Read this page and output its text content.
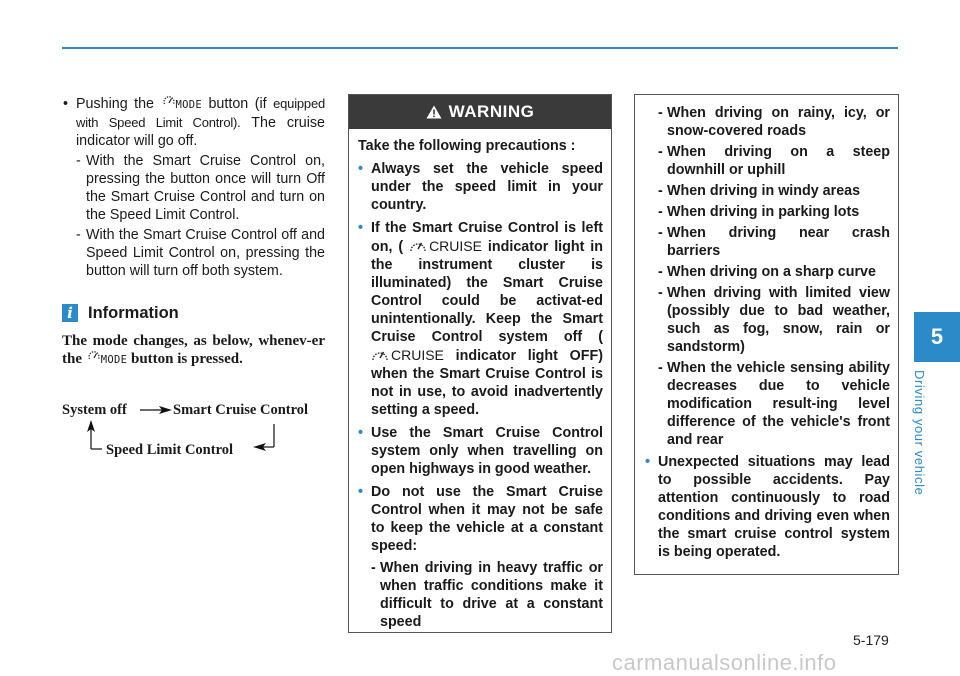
• Pushing the MODE button (if equipped with Speed Limit Control). The cruise indicator will go off.
- With the Smart Cruise Control on, pressing the button once will turn Off the Smart Cruise Control and turn on the Speed Limit Control.
- With the Smart Cruise Control off and Speed Limit Control on, pressing the button will turn off both system.
i Information
The mode changes, as below, whenev-er the MODE button is pressed.
System off	Smart Cruise Control
Speed Limit Control
WARNING
Take the following precautions :
• Always set the vehicle speed under the speed limit in your country.
• If the Smart Cruise Control is left on, ( CRUISE indicator light in the instrument cluster is illuminated) the Smart Cruise Control could be activat-ed unintentionally. Keep the Smart Cruise Control system off ( CRUISE indicator light OFF) when the Smart Cruise Control is not in use, to avoid inadvertently setting a speed.
• Use the Smart Cruise Control system only when travelling on open highways in good weather.
• Do not use the Smart Cruise Control when it may not be safe to keep the vehicle at a constant speed:
- When driving in heavy traffic or when traffic conditions make it difficult to drive at a constant speed
- When driving on rainy, icy, or snow-covered roads
- When driving on a steep downhill or uphill
- When driving in windy areas
- When driving in parking lots
- When driving near crash barriers
- When driving on a sharp curve
- When driving with limited view (possibly due to bad weather, such as fog, snow, rain or sandstorm)
- When the vehicle sensing ability decreases due to vehicle modification result-ing level difference of the vehicle's front and rear
• Unexpected situations may lead to possible accidents. Pay attention continuously to road conditions and driving even when the smart cruise control system is being operated.
5
Driving your vehicle
5-179
carmanualsonline.info
